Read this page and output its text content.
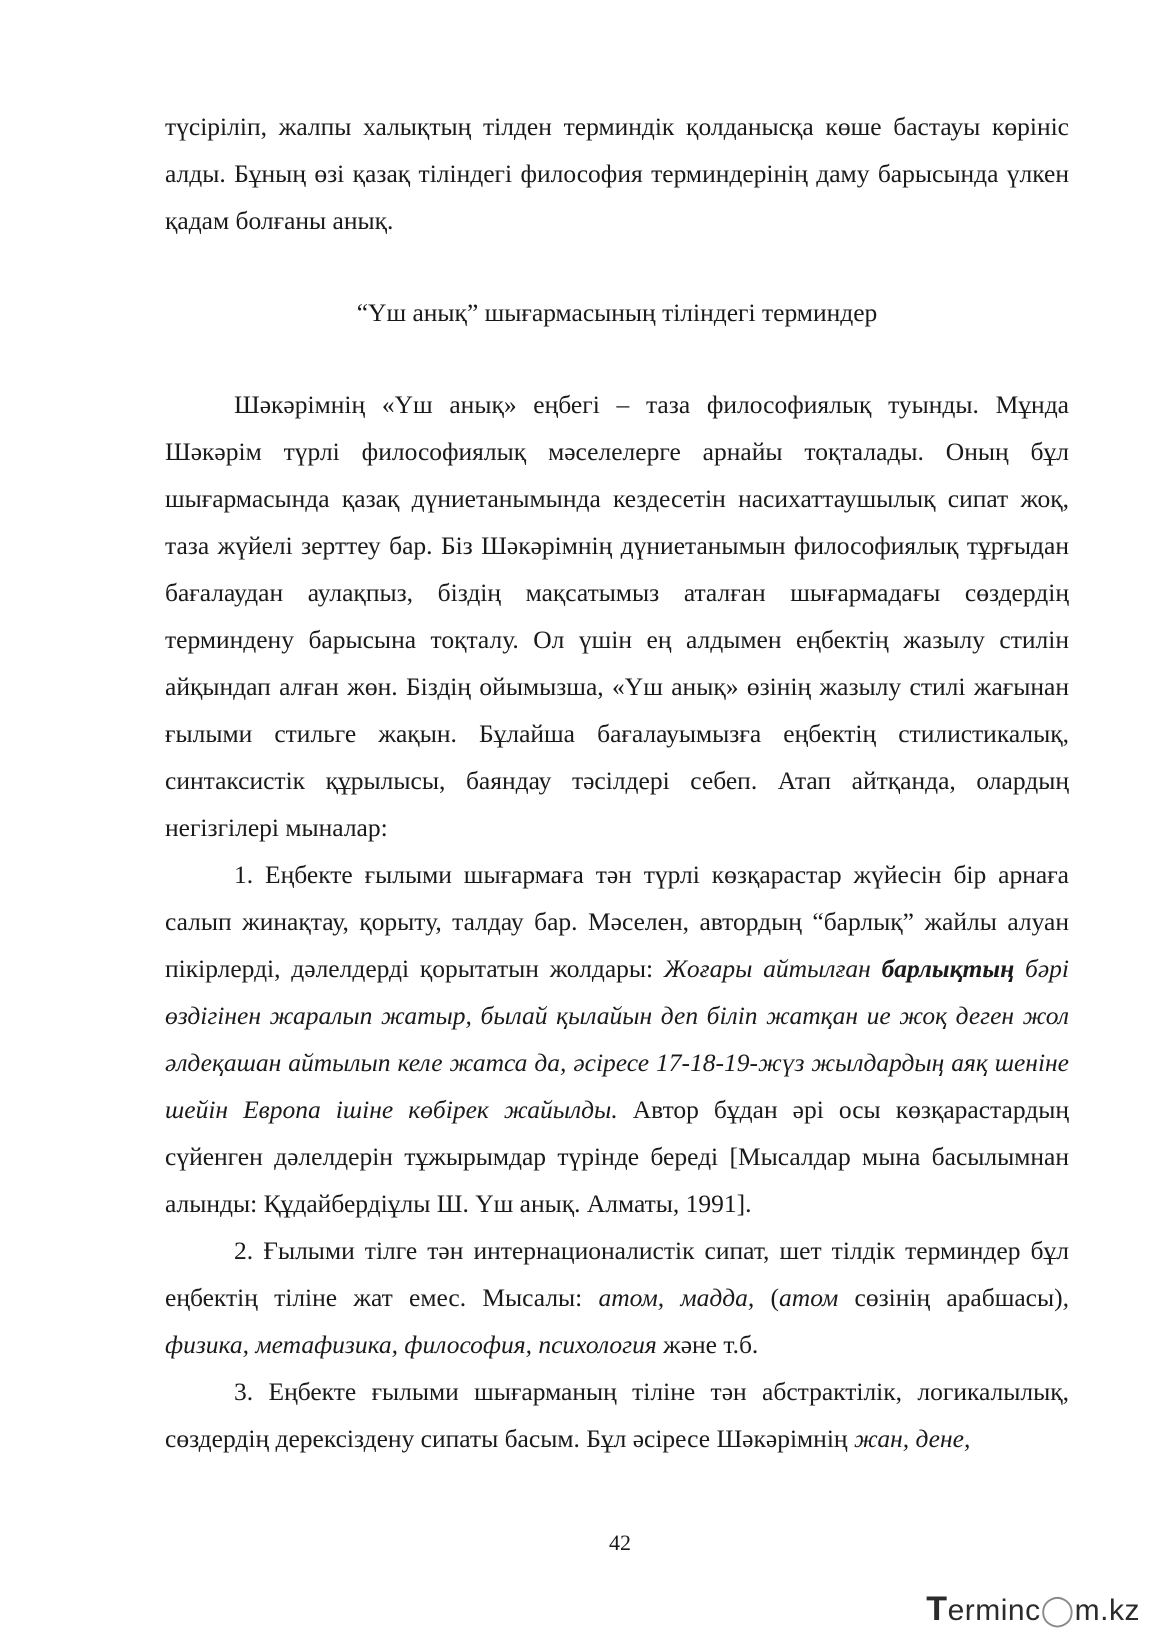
түсіріліп, жалпы халықтың тілден терминдік қолданысқа көше бастауы көрініс алды. Бұның өзі қазақ тіліндегі философия терминдерінің даму барысында үлкен қадам болғаны анық.

“Үш анық” шығармасының тіліндегі терминдер

Шәкәрімнің «Үш анық» еңбегі – таза философиялық туынды. Мұнда Шәкәрім түрлі философиялық мәселелерге арнайы тоқталады. Оның бұл шығармасында қазақ дүниетанымында кездесетін насихаттаушылық сипат жоқ, таза жүйелі зерттеу бар. Біз Шәкәрімнің дүниетанымын философиялық тұрғыдан бағалаудан аулақпыз, біздің мақсатымыз аталған шығармадағы сөздердің терминдену барысына тоқталу. Ол үшін ең алдымен еңбектің жазылу стилін айқындап алған жөн. Біздің ойымызша, «Үш анық» өзінің жазылу стилі жағынан ғылыми стильге жақын. Бұлайша бағалауымызға еңбектің стилистикалық, синтаксистік құрылысы, баяндау тәсілдері себеп. Атап айтқанда, олардың негізгілері мыналар:

1. Еңбекте ғылыми шығармаға тән түрлі көзқарастар жүйесін бір арнаға салып жинақтау, қорыту, талдау бар. Мәселен, автордың “барлық” жайлы алуан пікірлерді, дәлелдерді қорытатын жолдары: Жоғары айтылған барлықтың бәрі өздігінен жаралып жатыр, былай қылайын деп біліп жатқан ие жоқ деген жол әлдеқашан айтылып келе жатса да, әсіресе 17-18-19-жүз жылдардың аяқ шеніне шейін Европа ішіне көбірек жайылды. Автор бұдан әрі осы көзқарастардың сүйенген дәлелдерін тұжырымдар түрінде береді [Мысалдар мына басылымнан алынды: Құдайбердіұлы Ш. Үш анық. Алматы, 1991].

2. Ғылыми тілге тән интернационалистік сипат, шет тілдік терминдер бұл еңбектің тіліне жат емес. Мысалы: атом, мадда, (атом сөзінің арабшасы), физика, метафизика, философия, психология және т.б.

3. Еңбекте ғылыми шығарманың тіліне тән абстрактілік, логикалылық, сөздердің дерексіздену сипаты басым. Бұл әсіресе Шәкәрімнің жан, дене,

42
Terminc◯m.kz
